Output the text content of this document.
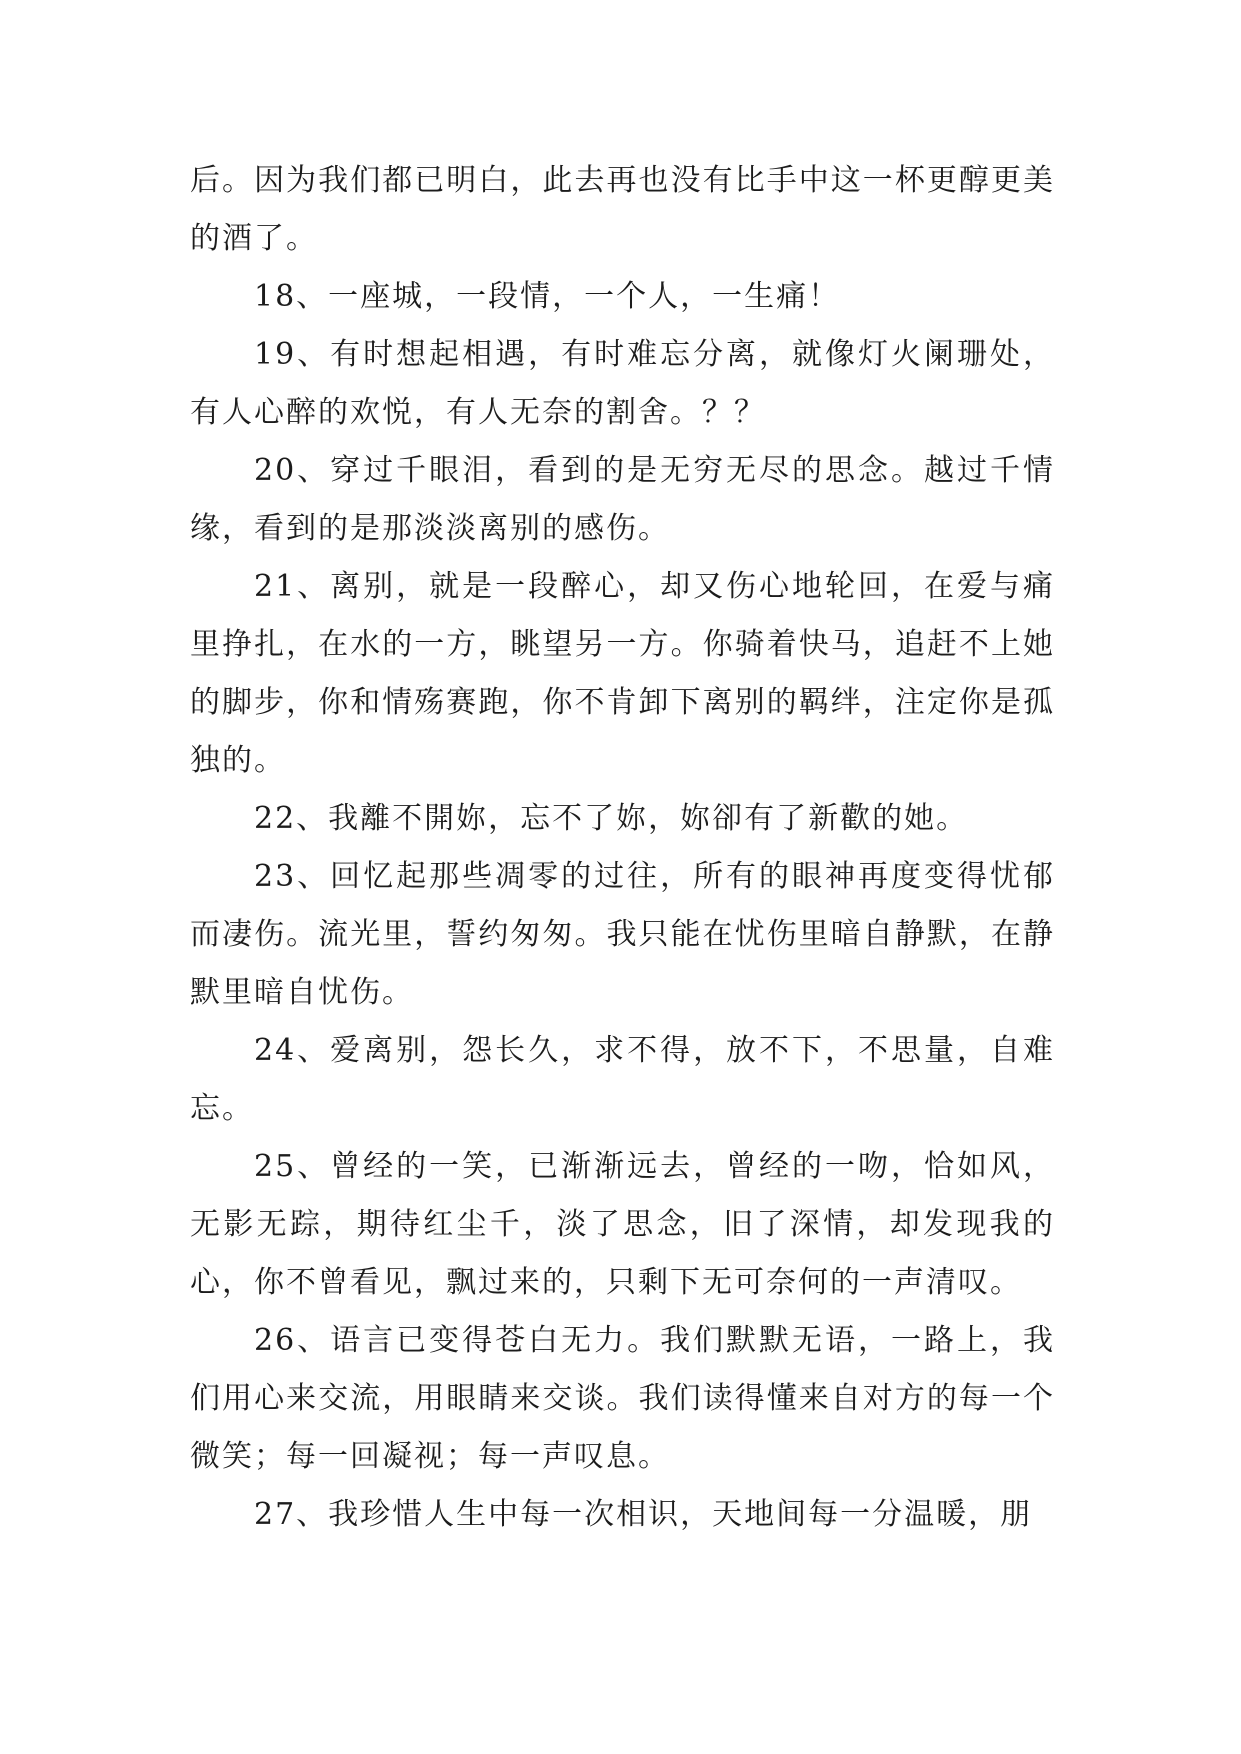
后。因为我们都已明白，此去再也没有比手中这一杯更醇更美的酒了。

18、一座城，一段情，一个人，一生痛！

19、有时想起相遇，有时难忘分离，就像灯火阑珊处，有人心醉的欢悦，有人无奈的割舍。？？

20、穿过千眼泪，看到的是无穷无尽的思念。越过千情缘，看到的是那淡淡离别的感伤。

21、离别，就是一段醉心，却又伤心地轮回，在爱与痛里挣扎，在水的一方，眺望另一方。你骑着快马，追赶不上她的脚步，你和情殇赛跑，你不肯卸下离别的羁绊，注定你是孤独的。

22、我離不開妳，忘不了妳，妳卻有了新歡的她。

23、回忆起那些凋零的过往，所有的眼神再度变得忧郁而凄伤。流光里，誓约匆匆。我只能在忧伤里暗自静默，在静默里暗自忧伤。

24、爱离别，怨长久，求不得，放不下，不思量，自难忘。

25、曾经的一笑，已渐渐远去，曾经的一吻，恰如风，无影无踪，期待红尘千，淡了思念，旧了深情，却发现我的心，你不曾看见，飘过来的，只剩下无可奈何的一声清叹。

26、语言已变得苍白无力。我们默默无语，一路上，我们用心来交流，用眼睛来交谈。我们读得懂来自对方的每一个微笑；每一回凝视；每一声叹息。

27、我珍惜人生中每一次相识，天地间每一分温暖，朋
